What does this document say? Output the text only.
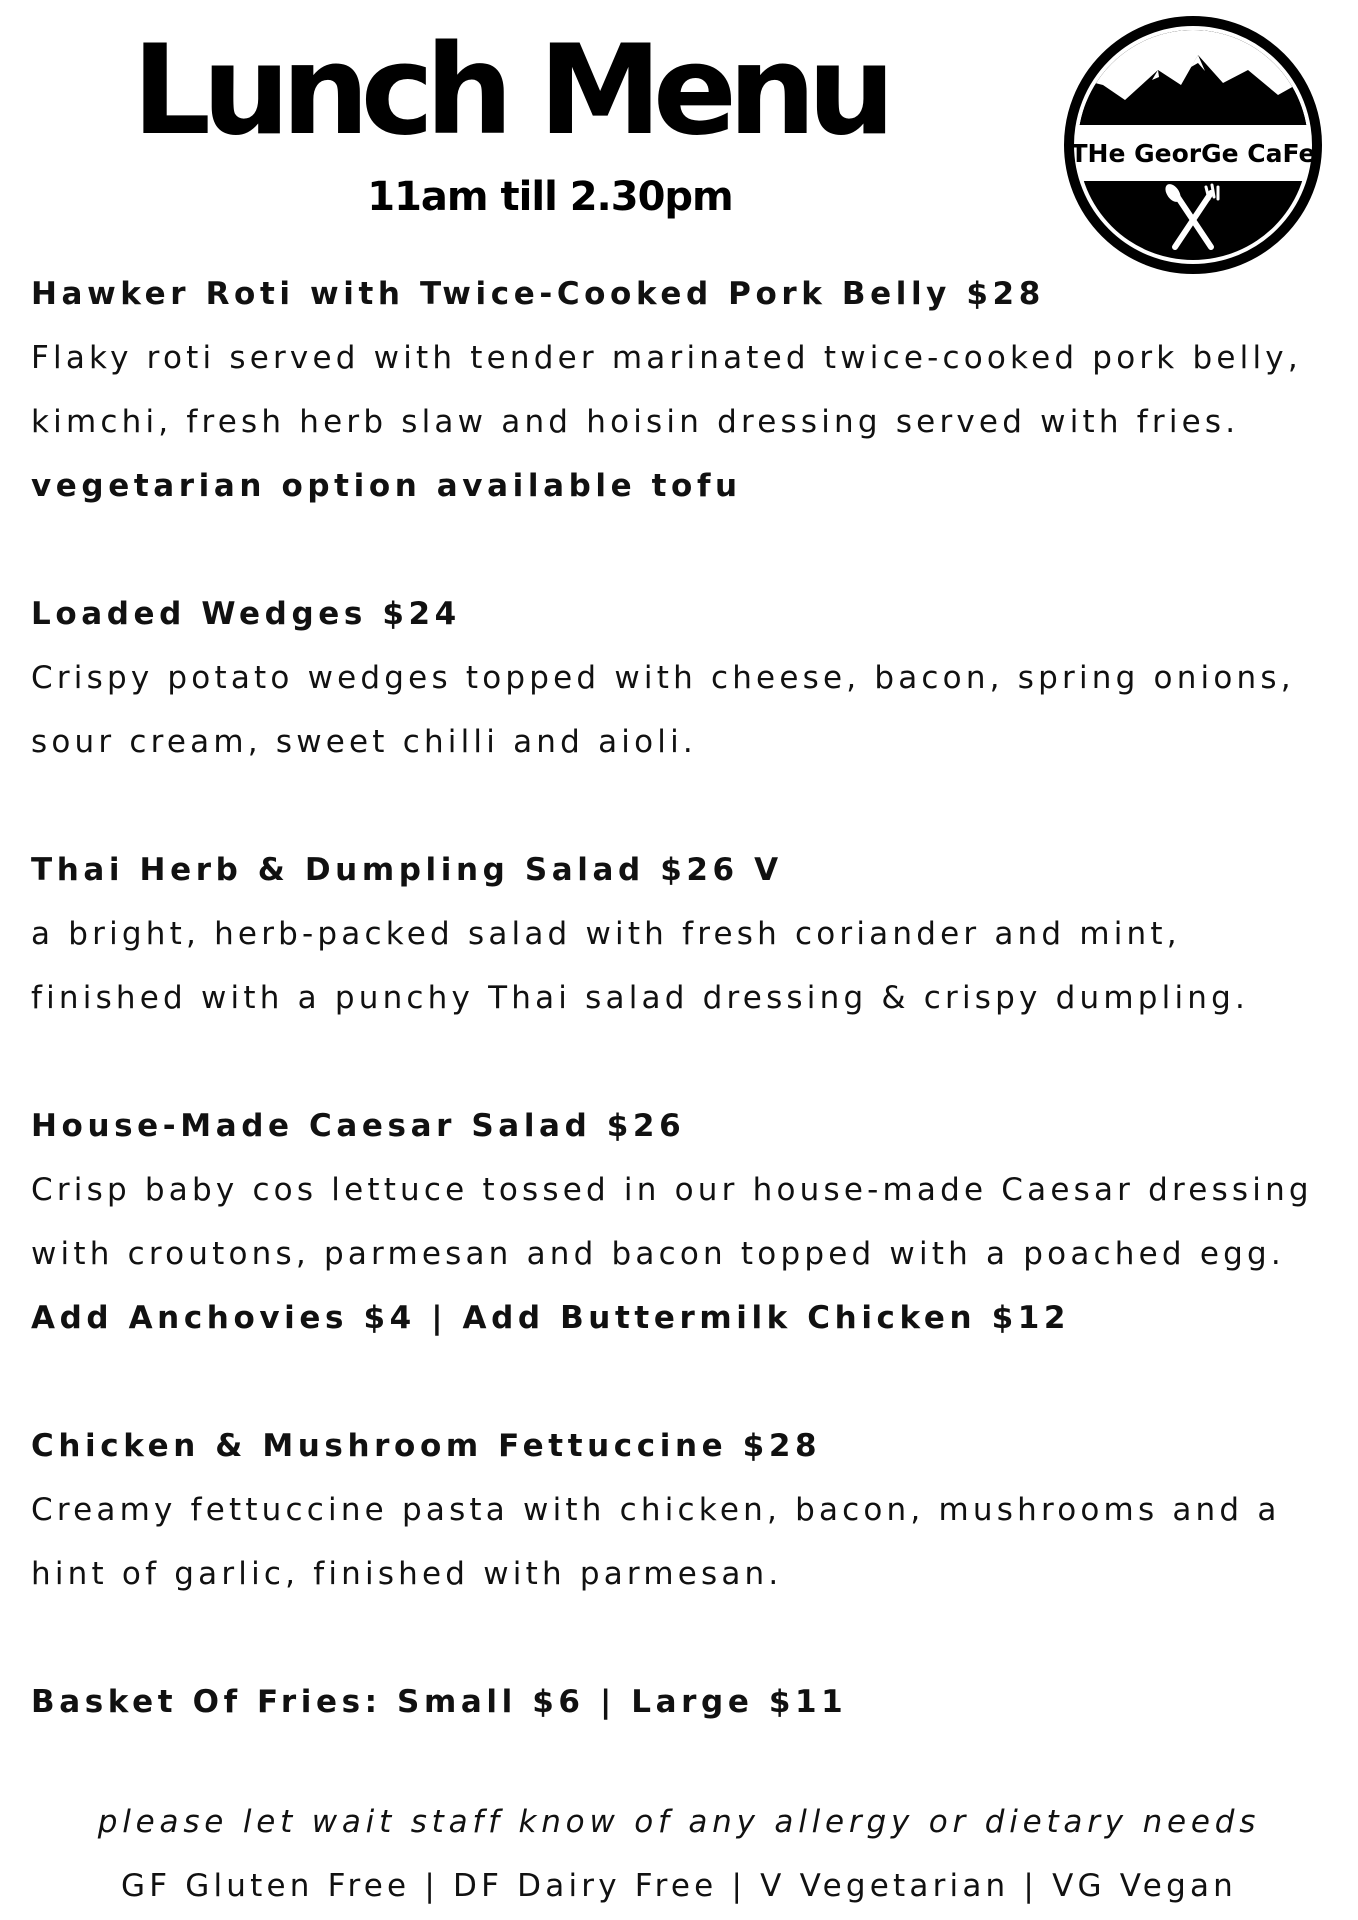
Lunch Menu
11am till 2.30pm
THe GeorGe CaFe
Hawker Roti with Twice-Cooked Pork Belly $28
Flaky roti served with tender marinated twice-cooked pork belly,
kimchi, fresh herb slaw and hoisin dressing served with fries.
vegetarian option available tofu
Loaded Wedges $24
Crispy potato wedges topped with cheese, bacon, spring onions,
sour cream, sweet chilli and aioli.
Thai Herb & Dumpling Salad $26 V
a bright, herb-packed salad with fresh coriander and mint,
finished with a punchy Thai salad dressing & crispy dumpling.
House-Made Caesar Salad $26
Crisp baby cos lettuce tossed in our house-made Caesar dressing
with croutons, parmesan and bacon topped with a poached egg.
Add Anchovies $4 | Add Buttermilk Chicken $12
Chicken & Mushroom Fettuccine $28
Creamy fettuccine pasta with chicken, bacon, mushrooms and a
hint of garlic, finished with parmesan.
Basket Of Fries: Small $6 | Large $11
please let wait staff know of any allergy or dietary needs
GF Gluten Free | DF Dairy Free | V Vegetarian | VG Vegan
